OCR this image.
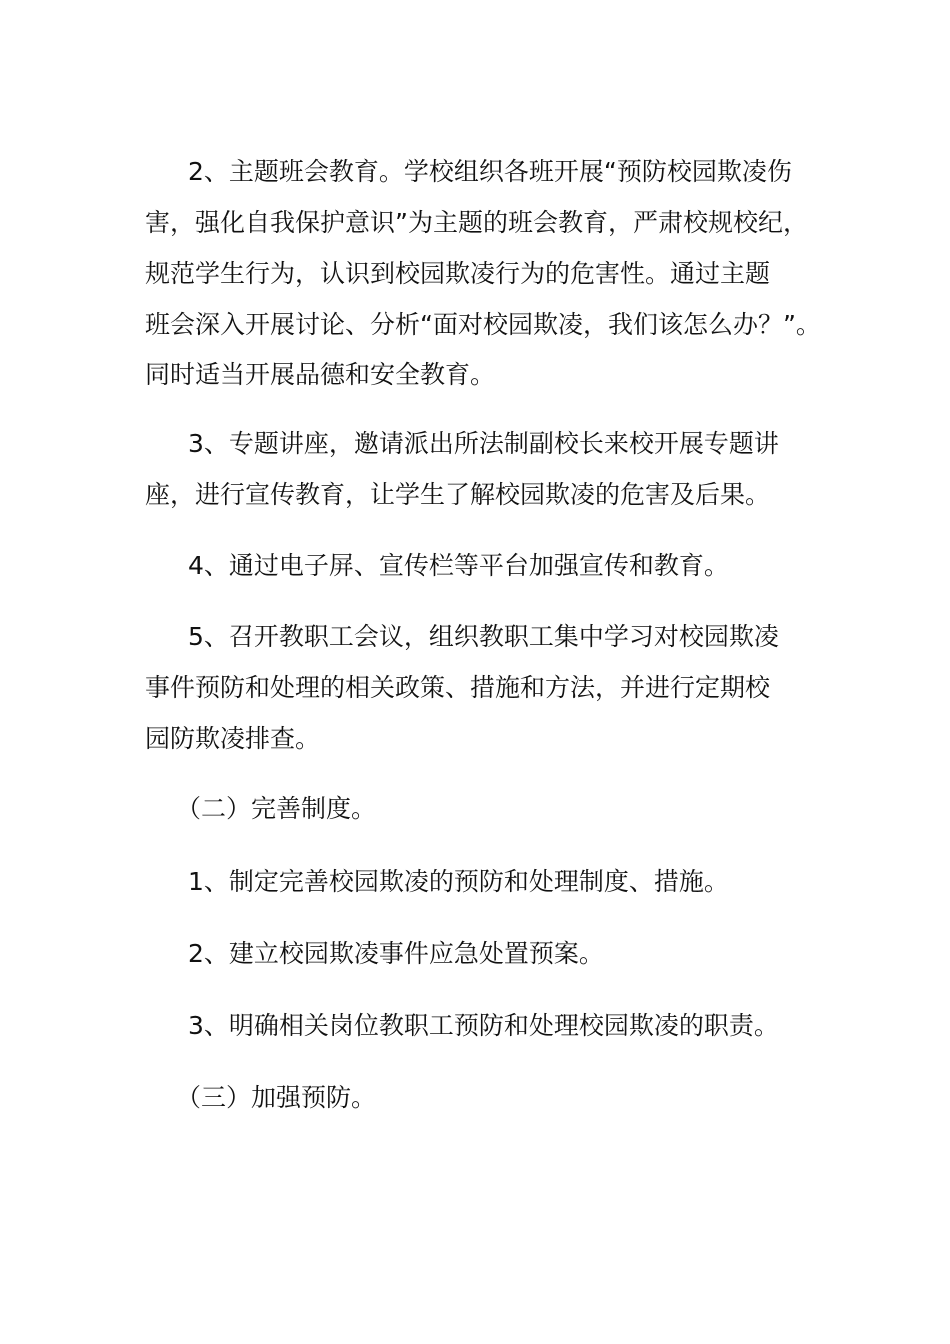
2、主题班会教育。学校组织各班开展“预防校园欺凌伤
害，强化自我保护意识”为主题的班会教育，严肃校规校纪，
规范学生行为，认识到校园欺凌行为的危害性。通过主题
班会深入开展讨论、分析“面对校园欺凌，我们该怎么办？”。
同时适当开展品德和安全教育。
3、专题讲座，邀请派出所法制副校长来校开展专题讲
座，进行宣传教育，让学生了解校园欺凌的危害及后果。
4、通过电子屏、宣传栏等平台加强宣传和教育。
5、召开教职工会议，组织教职工集中学习对校园欺凌
事件预防和处理的相关政策、措施和方法，并进行定期校
园防欺凌排查。
（二）完善制度。
1、制定完善校园欺凌的预防和处理制度、措施。
2、建立校园欺凌事件应急处置预案。
3、明确相关岗位教职工预防和处理校园欺凌的职责。
（三）加强预防。
